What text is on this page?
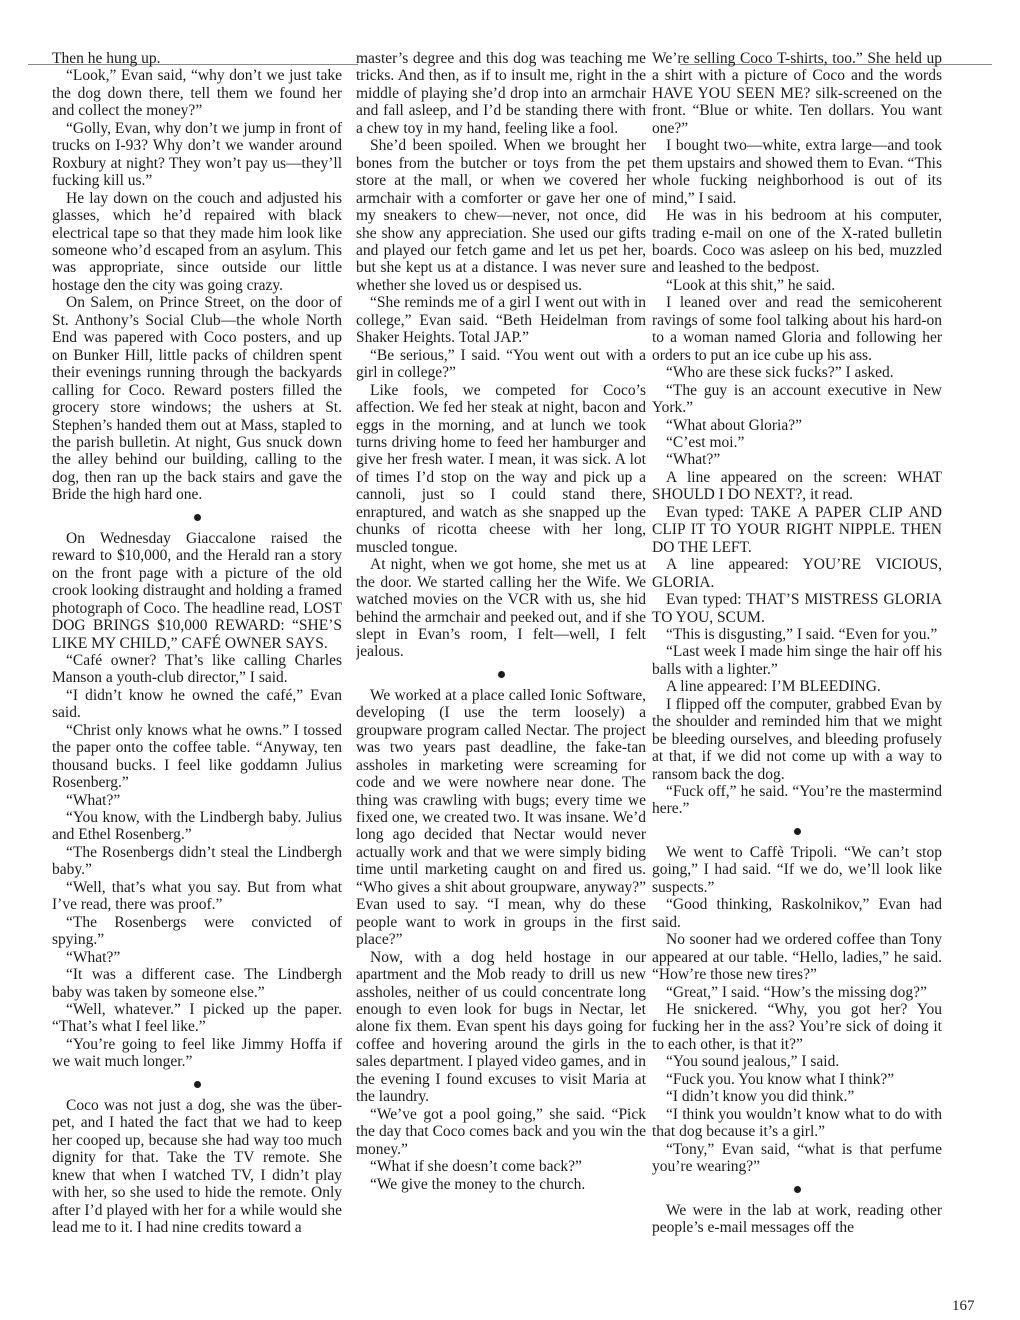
Then he hung up.

“Look,” Evan said, “why don’t we just take the dog down there, tell them we found her and collect the money?”

“Golly, Evan, why don’t we jump in front of trucks on I-93? Why don’t we wander around Roxbury at night? They won’t pay us—they’ll fucking kill us.”

He lay down on the couch and adjusted his glasses, which he’d repaired with black electrical tape so that they made him look like someone who’d escaped from an asylum. This was appropriate, since outside our little hostage den the city was going crazy.

On Salem, on Prince Street, on the door of St. Anthony’s Social Club—the whole North End was papered with Coco posters, and up on Bunker Hill, little packs of children spent their evenings running through the backyards calling for Coco. Reward posters filled the grocery store windows; the ushers at St. Stephen’s handed them out at Mass, stapled to the parish bulletin. At night, Gus snuck down the alley behind our building, calling to the dog, then ran up the back stairs and gave the Bride the high hard one.

On Wednesday Giaccalone raised the reward to $10,000, and the Herald ran a story on the front page with a picture of the old crook looking distraught and holding a framed photograph of Coco. The headline read, LOST DOG BRINGS $10,000 REWARD: “SHE’S LIKE MY CHILD,” CAFÉ OWNER SAYS.

“Café owner? That’s like calling Charles Manson a youth-club director,” I said.

“I didn’t know he owned the café,” Evan said.

“Christ only knows what he owns.” I tossed the paper onto the coffee table. “Anyway, ten thousand bucks. I feel like goddamn Julius Rosenberg.”

“What?”

“You know, with the Lindbergh baby. Julius and Ethel Rosenberg.”

“The Rosenbergs didn’t steal the Lindbergh baby.”

“Well, that’s what you say. But from what I’ve read, there was proof.”

“The Rosenbergs were convicted of spying.”

“What?”

“It was a different case. The Lindbergh baby was taken by someone else.”

“Well, whatever.” I picked up the paper. “That’s what I feel like.”

“You’re going to feel like Jimmy Hoffa if we wait much longer.”

Coco was not just a dog, she was the über-pet, and I hated the fact that we had to keep her cooped up, because she had way too much dignity for that. Take the TV remote. She knew that when I watched TV, I didn’t play with her, so she used to hide the remote. Only after I’d played with her for a while would she lead me to it. I had nine credits toward a

master’s degree and this dog was teaching me tricks. And then, as if to insult me, right in the middle of playing she’d drop into an armchair and fall asleep, and I’d be standing there with a chew toy in my hand, feeling like a fool.

She’d been spoiled. When we brought her bones from the butcher or toys from the pet store at the mall, or when we covered her armchair with a comforter or gave her one of my sneakers to chew—never, not once, did she show any appreciation. She used our gifts and played our fetch game and let us pet her, but she kept us at a distance. I was never sure whether she loved us or despised us.

“She reminds me of a girl I went out with in college,” Evan said. “Beth Heidelman from Shaker Heights. Total JAP.”

“Be serious,” I said. “You went out with a girl in college?”

Like fools, we competed for Coco’s affection. We fed her steak at night, bacon and eggs in the morning, and at lunch we took turns driving home to feed her hamburger and give her fresh water. I mean, it was sick. A lot of times I’d stop on the way and pick up a cannoli, just so I could stand there, enraptured, and watch as she snapped up the chunks of ricotta cheese with her long, muscled tongue.

At night, when we got home, she met us at the door. We started calling her the Wife. We watched movies on the VCR with us, she hid behind the armchair and peeked out, and if she slept in Evan’s room, I felt—well, I felt jealous.

We worked at a place called Ionic Software, developing (I use the term loosely) a groupware program called Nectar. The project was two years past deadline, the fake-tan assholes in marketing were screaming for code and we were nowhere near done. The thing was crawling with bugs; every time we fixed one, we created two. It was insane. We’d long ago decided that Nectar would never actually work and that we were simply biding time until marketing caught on and fired us. “Who gives a shit about groupware, anyway?” Evan used to say. “I mean, why do these people want to work in groups in the first place?”

Now, with a dog held hostage in our apartment and the Mob ready to drill us new assholes, neither of us could concentrate long enough to even look for bugs in Nectar, let alone fix them. Evan spent his days going for coffee and hovering around the girls in the sales department. I played video games, and in the evening I found excuses to visit Maria at the laundry.

“We’ve got a pool going,” she said. “Pick the day that Coco comes back and you win the money.”

“What if she doesn’t come back?”

“We give the money to the church.

We’re selling Coco T-shirts, too.” She held up a shirt with a picture of Coco and the words HAVE YOU SEEN ME? silk-screened on the front. “Blue or white. Ten dollars. You want one?”

I bought two—white, extra large—and took them upstairs and showed them to Evan. “This whole fucking neighborhood is out of its mind,” I said.

He was in his bedroom at his computer, trading e-mail on one of the X-rated bulletin boards. Coco was asleep on his bed, muzzled and leashed to the bedpost.

“Look at this shit,” he said.

I leaned over and read the semicoherent ravings of some fool talking about his hard-on to a woman named Gloria and following her orders to put an ice cube up his ass.

“Who are these sick fucks?” I asked.

“The guy is an account executive in New York.”

“What about Gloria?”

“C’est moi.”

“What?”

A line appeared on the screen: WHAT SHOULD I DO NEXT?, it read.

Evan typed: TAKE A PAPER CLIP AND CLIP IT TO YOUR RIGHT NIPPLE. THEN DO THE LEFT.

A line appeared: YOU’RE VICIOUS, GLORIA.

Evan typed: THAT’S MISTRESS GLORIA TO YOU, SCUM.

“This is disgusting,” I said. “Even for you.”

“Last week I made him singe the hair off his balls with a lighter.”

A line appeared: I’M BLEEDING.

I flipped off the computer, grabbed Evan by the shoulder and reminded him that we might be bleeding ourselves, and bleeding profusely at that, if we did not come up with a way to ransom back the dog.

“Fuck off,” he said. “You’re the mastermind here.”

We went to Caffè Tripoli. “We can’t stop going,” I had said. “If we do, we’ll look like suspects.”

“Good thinking, Raskolnikov,” Evan had said.

No sooner had we ordered coffee than Tony appeared at our table. “Hello, ladies,” he said. “How’re those new tires?”

“Great,” I said. “How’s the missing dog?”

He snickered. “Why, you got her? You fucking her in the ass? You’re sick of doing it to each other, is that it?”

“You sound jealous,” I said.

“Fuck you. You know what I think?”

“I didn’t know you did think.”

“I think you wouldn’t know what to do with that dog because it’s a girl.”

“Tony,” Evan said, “what is that perfume you’re wearing?”

We were in the lab at work, reading other people’s e-mail messages off the

167
